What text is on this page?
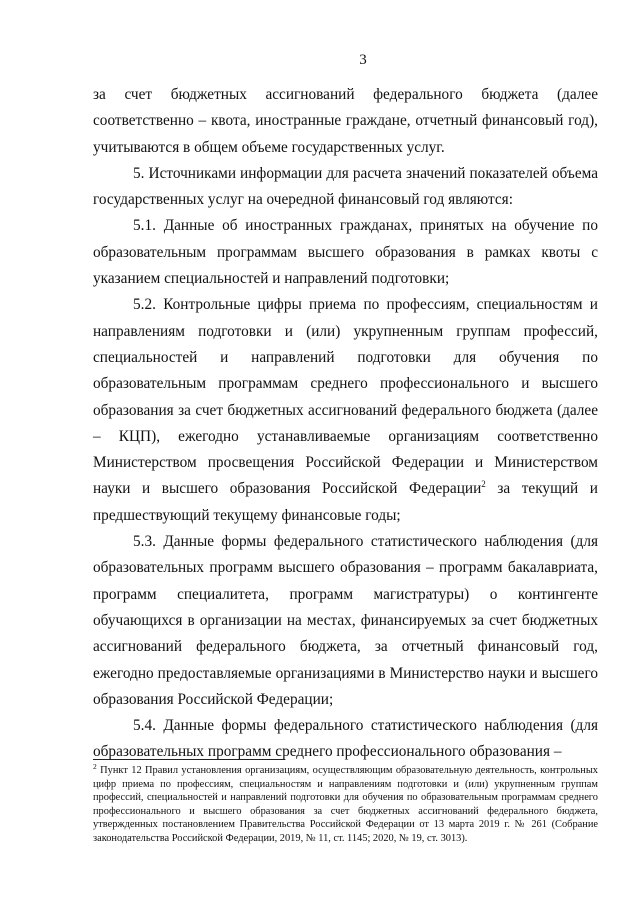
3

за счет бюджетных ассигнований федерального бюджета (далее соответственно – квота, иностранные граждане, отчетный финансовый год), учитываются в общем объеме государственных услуг.

5. Источниками информации для расчета значений показателей объема государственных услуг на очередной финансовый год являются:

5.1. Данные об иностранных гражданах, принятых на обучение по образовательным программам высшего образования в рамках квоты с указанием специальностей и направлений подготовки;

5.2. Контрольные цифры приема по профессиям, специальностям и направлениям подготовки и (или) укрупненным группам профессий, специальностей и направлений подготовки для обучения по образовательным программам среднего профессионального и высшего образования за счет бюджетных ассигнований федерального бюджета (далее – КЦП), ежегодно устанавливаемые организациям соответственно Министерством просвещения Российской Федерации и Министерством науки и высшего образования Российской Федерации$^2$ за текущий и предшествующий текущему финансовые годы;

5.3. Данные формы федерального статистического наблюдения (для образовательных программ высшего образования – программ бакалавриата, программ специалитета, программ магистратуры) о контингенте обучающихся в организации на местах, финансируемых за счет бюджетных ассигнований федерального бюджета, за отчетный финансовый год, ежегодно предоставляемые организациями в Министерство науки и высшего образования Российской Федерации;

5.4. Данные формы федерального статистического наблюдения (для образовательных программ среднего профессионального образования –

$^2$ Пункт 12 Правил установления организациям, осуществляющим образовательную деятельность, контрольных цифр приема по профессиям, специальностям и направлениям подготовки и (или) укрупненным группам профессий, специальностей и направлений подготовки для обучения по образовательным программам среднего профессионального и высшего образования за счет бюджетных ассигнований федерального бюджета, утвержденных постановлением Правительства Российской Федерации от 13 марта 2019 г. № 261 (Собрание законодательства Российской Федерации, 2019, № 11, ст. 1145; 2020, № 19, ст. 3013).
